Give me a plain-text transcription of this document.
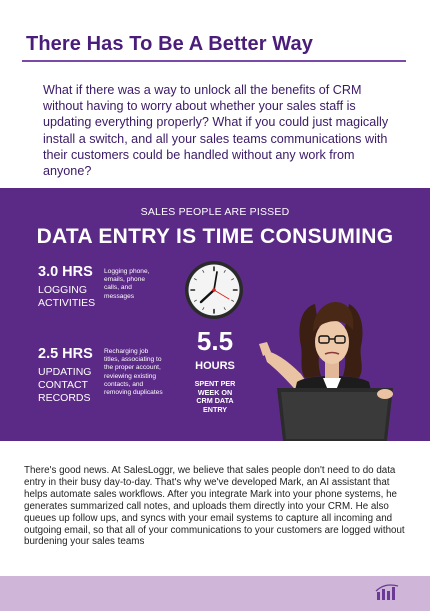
There Has To Be A Better Way
What if there was a way to unlock all the benefits of CRM without having to worry about whether your sales staff is updating everything properly? What if you could just magically install a switch, and all your sales teams communications with their customers could be handled without any work from anyone?
SALES PEOPLE ARE PISSED
DATA ENTRY IS TIME CONSUMING
3.0 HRS
LOGGING
ACTIVITIES
Logging phone,
emails, phone
calls, and
messages
2.5 HRS
UPDATING
CONTACT
RECORDS
Recharging job
titles, associating to
the proper account,
reviewing existing
contacts, and
removing duplicates
5.5
HOURS
SPENT PER
WEEK ON
CRM DATA
ENTRY
There's good news. At SalesLoggr, we believe that sales people don't need to do data entry in their busy day-to-day. That's why we've developed Mark, an AI assistant that helps automate sales workflows. After you integrate Mark into your phone systems, he generates summarized call notes, and uploads them directly into your CRM. He also queues up follow ups, and syncs with your email systems to capture all incoming and outgoing email, so that all of your communications to your customers are logged without burdening your sales teams
